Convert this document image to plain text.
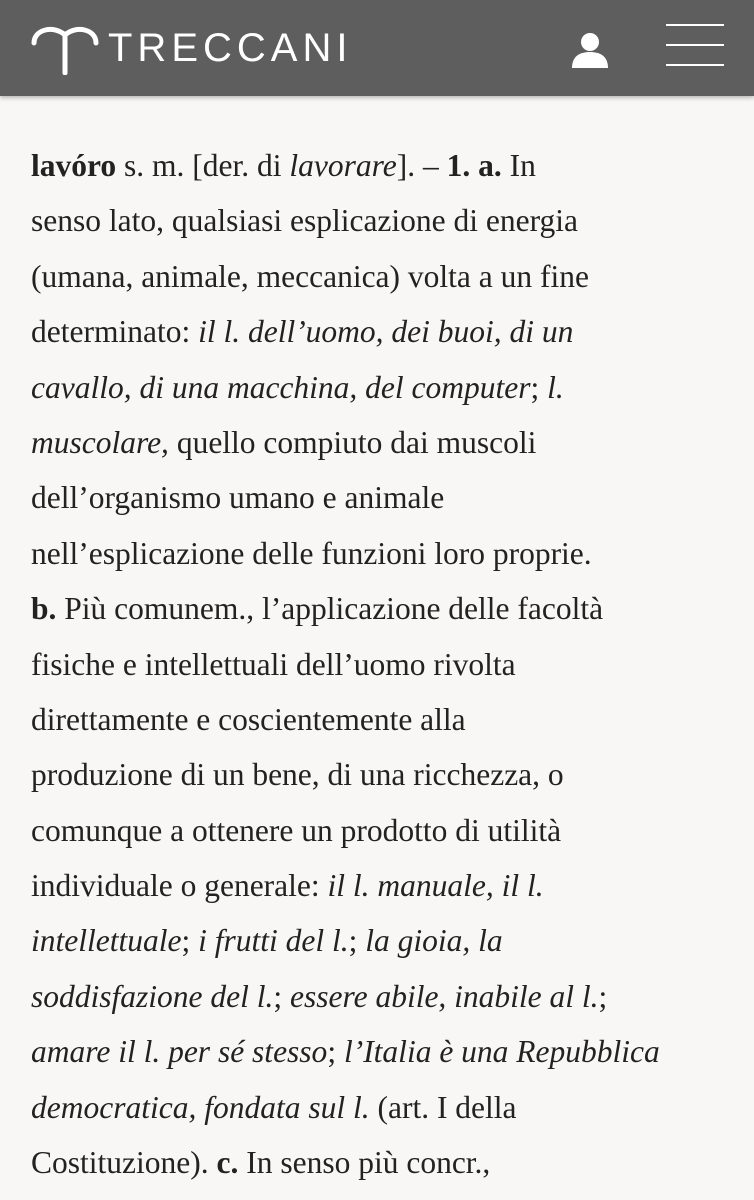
TRECCANI
lavóro s. m. [der. di lavorare]. – 1. a. In
senso lato, qualsiasi esplicazione di energia
(umana, animale, meccanica) volta a un fine
determinato: il l. dell’uomo, dei buoi, di un
cavallo, di una macchina, del computer; l.
muscolare, quello compiuto dai muscoli
dell’organismo umano e animale
nell’esplicazione delle funzioni loro proprie.
b. Più comunem., l’applicazione delle facoltà
fisiche e intellettuali dell’uomo rivolta
direttamente e coscientemente alla
produzione di un bene, di una ricchezza, o
comunque a ottenere un prodotto di utilità
individuale o generale: il l. manuale, il l.
intellettuale; i frutti del l.; la gioia, la
soddisfazione del l.; essere abile, inabile al l.;
amare il l. per sé stesso; l’Italia è una Repubblica
democratica, fondata sul l. (art. I della
Costituzione). c. In senso più concr.,
